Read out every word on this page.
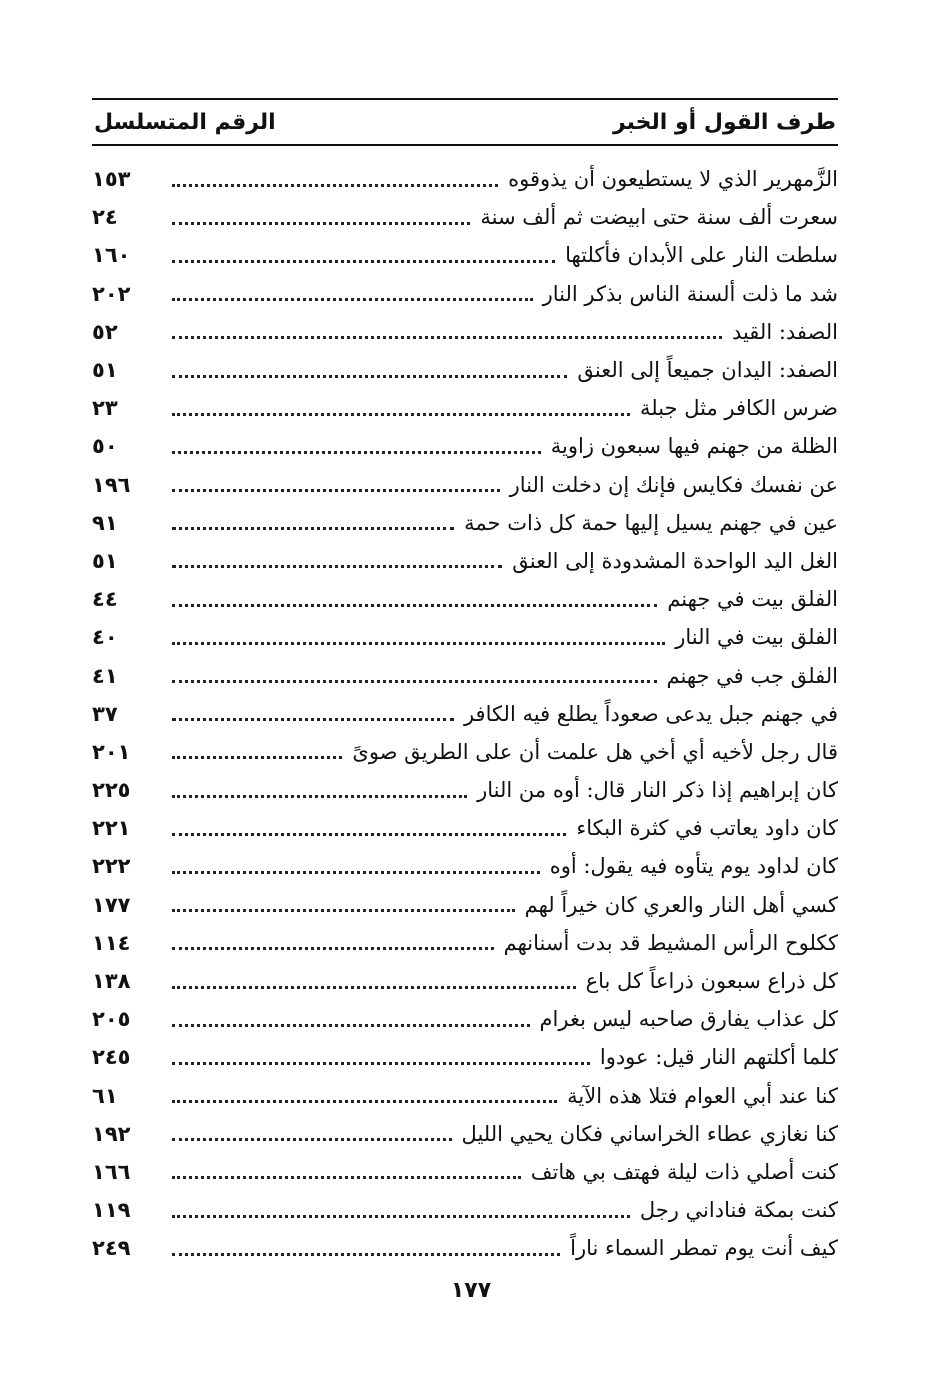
طرف القول أو الخبر
الرقم المتسلسل
الزَّمهرير الذي لا يستطيعون أن يذوقوه
١٥٣
سعرت ألف سنة حتى ابيضت ثم ألف سنة
٢٤
سلطت النار على الأبدان فأكلتها
١٦٠
شد ما ذلت ألسنة الناس بذكر النار
٢٠٢
الصفد: القيد
٥٢
الصفد: اليدان جميعاً إلى العنق
٥١
ضرس الكافر مثل جبلة
٢٣
الظلة من جهنم فيها سبعون زاوية
٥٠
عن نفسك فكايس فإنك إن دخلت النار
١٩٦
عين في جهنم يسيل إليها حمة كل ذات حمة
٩١
الغل اليد الواحدة المشدودة إلى العنق
٥١
الفلق بيت في جهنم
٤٤
الفلق بيت في النار
٤٠
الفلق جب في جهنم
٤١
في جهنم جبل يدعى صعوداً يطلع فيه الكافر
٣٧
قال رجل لأخيه أي أخي هل علمت أن على الطريق صوىً
٢٠١
كان إبراهيم إذا ذكر النار قال: أوه من النار
٢٢٥
كان داود يعاتب في كثرة البكاء
٢٢١
كان لداود يوم يتأوه فيه يقول: أوه
٢٢٢
كسي أهل النار والعري كان خيراً لهم
١٧٧
ككلوح الرأس المشيط قد بدت أسنانهم
١١٤
كل ذراع سبعون ذراعاً كل باع
١٣٨
كل عذاب يفارق صاحبه ليس بغرام
٢٠٥
كلما أكلتهم النار قيل: عودوا
٢٤٥
كنا عند أبي العوام فتلا هذه الآية
٦١
كنا نغازي عطاء الخراساني فكان يحيي الليل
١٩٢
كنت أصلي ذات ليلة فهتف بي هاتف
١٦٦
كنت بمكة فناداني رجل
١١٩
كيف أنت يوم تمطر السماء ناراً
٢٤٩
١٧٧
